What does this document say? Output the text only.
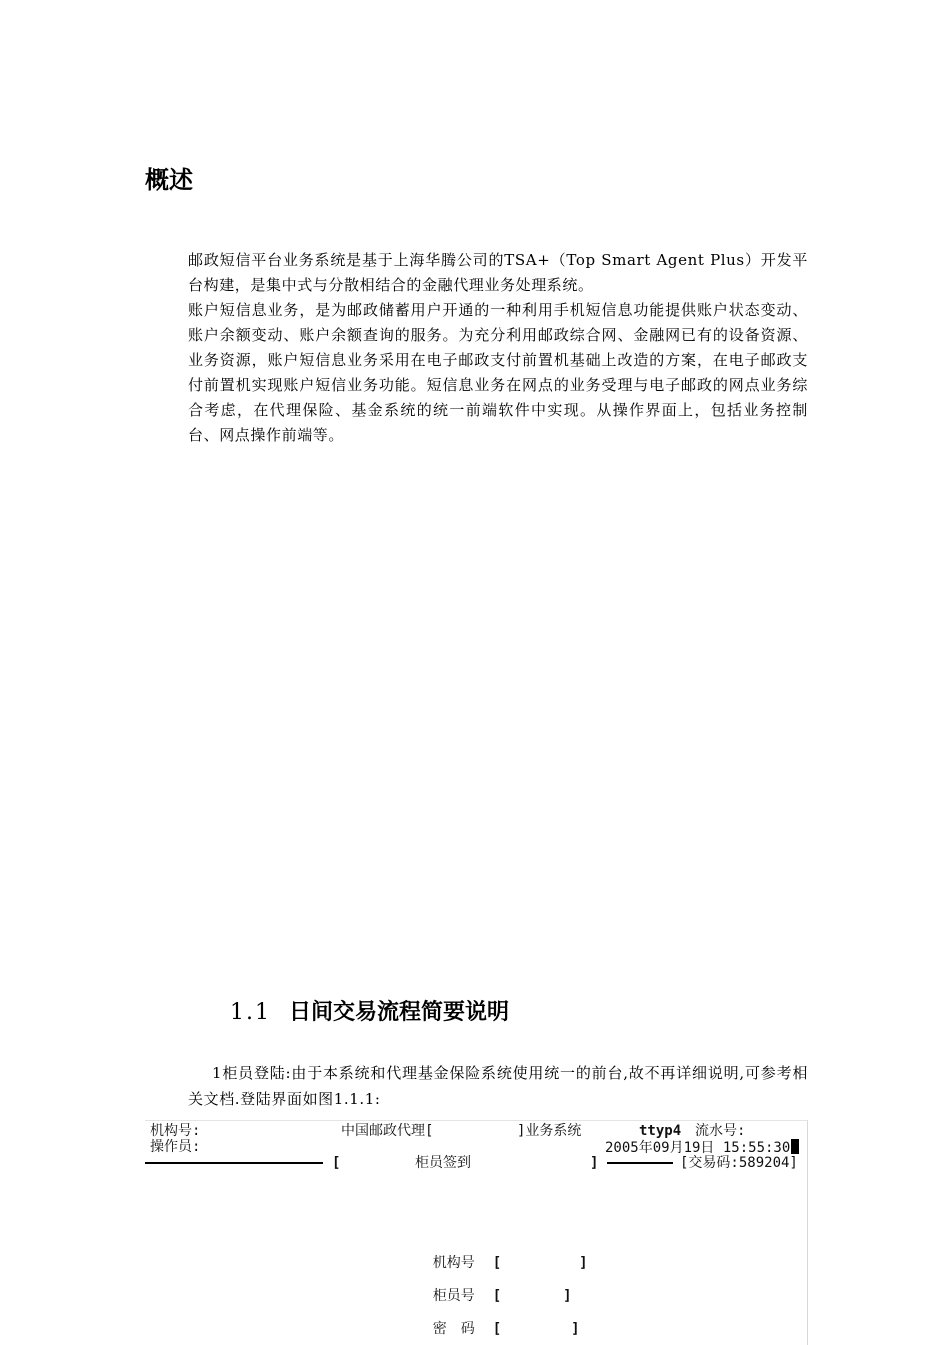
概述

邮政短信平台业务系统是基于上海华腾公司的TSA+（Top Smart Agent Plus）开发平台构建，是集中式与分散相结合的金融代理业务处理系统。

账户短信息业务，是为邮政储蓄用户开通的一种利用手机短信息功能提供账户状态变动、账户余额变动、账户余额查询的服务。为充分利用邮政综合网、金融网已有的设备资源、业务资源，账户短信息业务采用在电子邮政支付前置机基础上改造的方案，在电子邮政支付前置机实现账户短信业务功能。短信息业务在网点的业务受理与电子邮政的网点业务综合考虑，在代理保险、基金系统的统一前端软件中实现。从操作界面上，包括业务控制台、网点操作前端等。

1.1 日间交易流程简要说明

1柜员登陆:由于本系统和代理基金保险系统使用统一的前台,故不再详细说明,可参考相关文档.登陆界面如图1.1.1:

机构号:
操作员:
中国邮政代理[	]业务系统	ttyp4 流水号:
2005年09月19日 15:55:30
[	柜员签到	]	[交易码:589204]

机构号 [	]

柜员号 [	]

密　码 [	]
